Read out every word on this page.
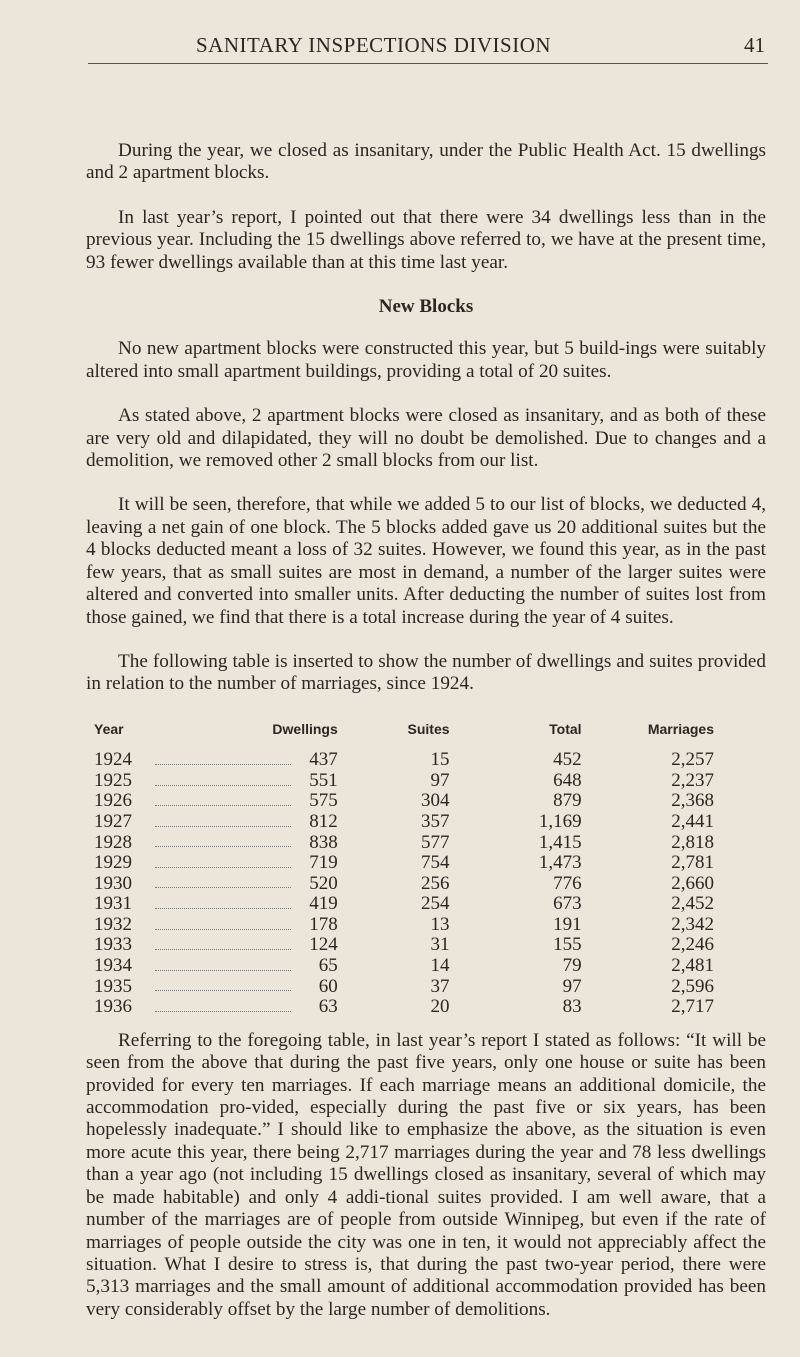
SANITARY INSPECTIONS DIVISION	41

During the year, we closed as insanitary, under the Public Health Act. 15 dwellings and 2 apartment blocks.

In last year’s report, I pointed out that there were 34 dwellings less than in the previous year. Including the 15 dwellings above referred to, we have at the present time, 93 fewer dwellings available than at this time last year.

New Blocks

No new apartment blocks were constructed this year, but 5 build-ings were suitably altered into small apartment buildings, providing a total of 20 suites.

As stated above, 2 apartment blocks were closed as insanitary, and as both of these are very old and dilapidated, they will no doubt be demolished. Due to changes and a demolition, we removed other 2 small blocks from our list.

It will be seen, therefore, that while we added 5 to our list of blocks, we deducted 4, leaving a net gain of one block. The 5 blocks added gave us 20 additional suites but the 4 blocks deducted meant a loss of 32 suites. However, we found this year, as in the past few years, that as small suites are most in demand, a number of the larger suites were altered and converted into smaller units. After deducting the number of suites lost from those gained, we find that there is a total increase during the year of 4 suites.

The following table is inserted to show the number of dwellings and suites provided in relation to the number of marriages, since 1924.

Year	Dwellings		Suites	Total	Marriages
1924		437	15	452	2,257
1925		551	97	648	2,237
1926		575	304	879	2,368
1927		812	357	1,169	2,441
1928		838	577	1,415	2,818
1929		719	754	1,473	2,781
1930		520	256	776	2,660
1931		419	254	673	2,452
1932		178	13	191	2,342
1933		124	31	155	2,246
1934		65	14	79	2,481
1935		60	37	97	2,596
1936		63	20	83	2,717

Referring to the foregoing table, in last year’s report I stated as follows: “It will be seen from the above that during the past five years, only one house or suite has been provided for every ten marriages. If each marriage means an additional domicile, the accommodation pro-vided, especially during the past five or six years, has been hopelessly inadequate.” I should like to emphasize the above, as the situation is even more acute this year, there being 2,717 marriages during the year and 78 less dwellings than a year ago (not including 15 dwellings closed as insanitary, several of which may be made habitable) and only 4 addi-tional suites provided. I am well aware, that a number of the marriages are of people from outside Winnipeg, but even if the rate of marriages of people outside the city was one in ten, it would not appreciably affect the situation. What I desire to stress is, that during the past two-year period, there were 5,313 marriages and the small amount of additional accommodation provided has been very considerably offset by the large number of demolitions.
